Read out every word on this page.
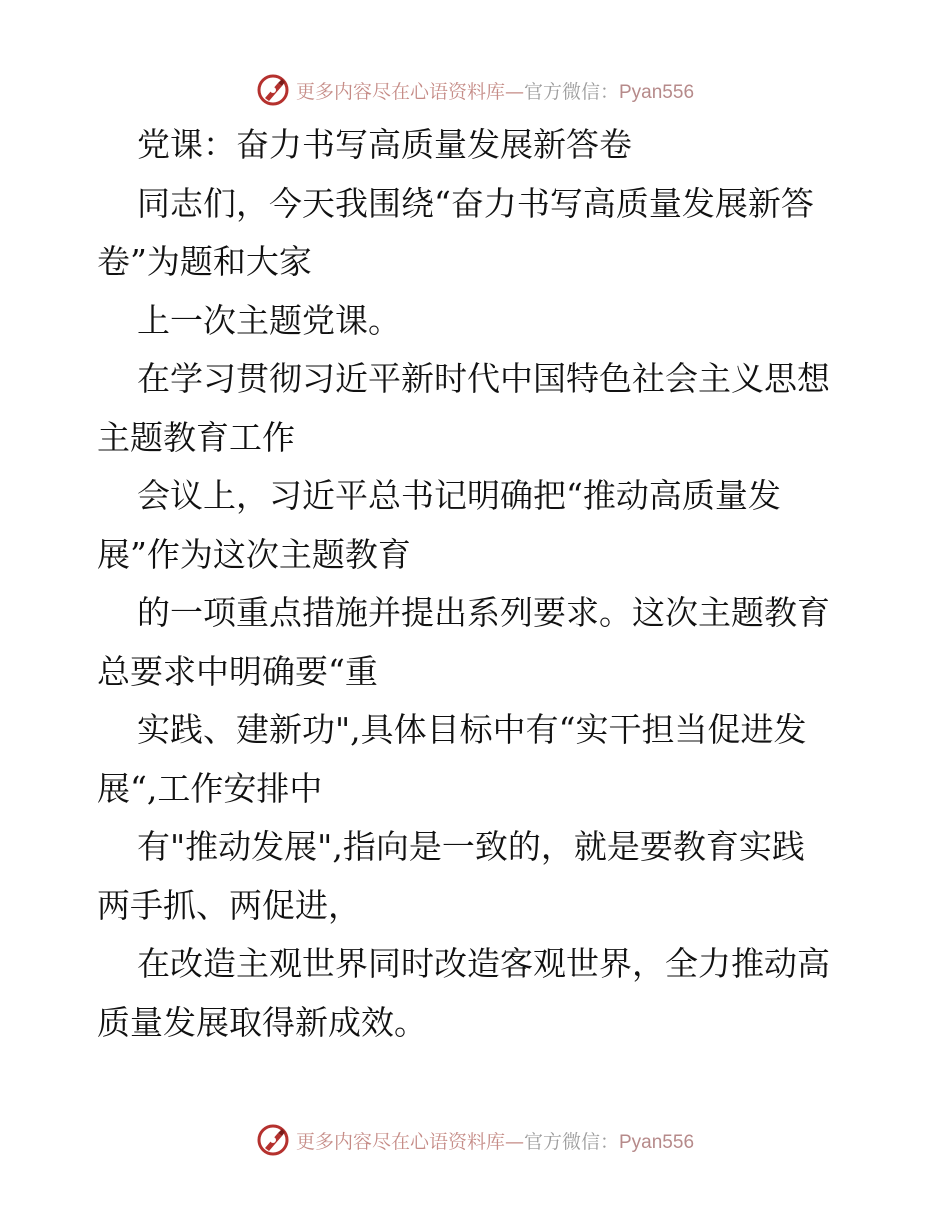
更多内容尽在心语资料库—官方微信：Pyan556
党课：奋力书写高质量发展新答卷
同志们，今天我围绕“奋力书写高质量发展新答
卷”为题和大家
上一次主题党课。
在学习贯彻习近平新时代中国特色社会主义思想
主题教育工作
会议上，习近平总书记明确把“推动高质量发
展”作为这次主题教育
的一项重点措施并提出系列要求。这次主题教育
总要求中明确要“重
实践、建新功",具体目标中有“实干担当促进发
展“,工作安排中
有"推动发展",指向是一致的，就是要教育实践
两手抓、两促进，
在改造主观世界同时改造客观世界，全力推动高
质量发展取得新成效。
更多内容尽在心语资料库—官方微信：Pyan556
